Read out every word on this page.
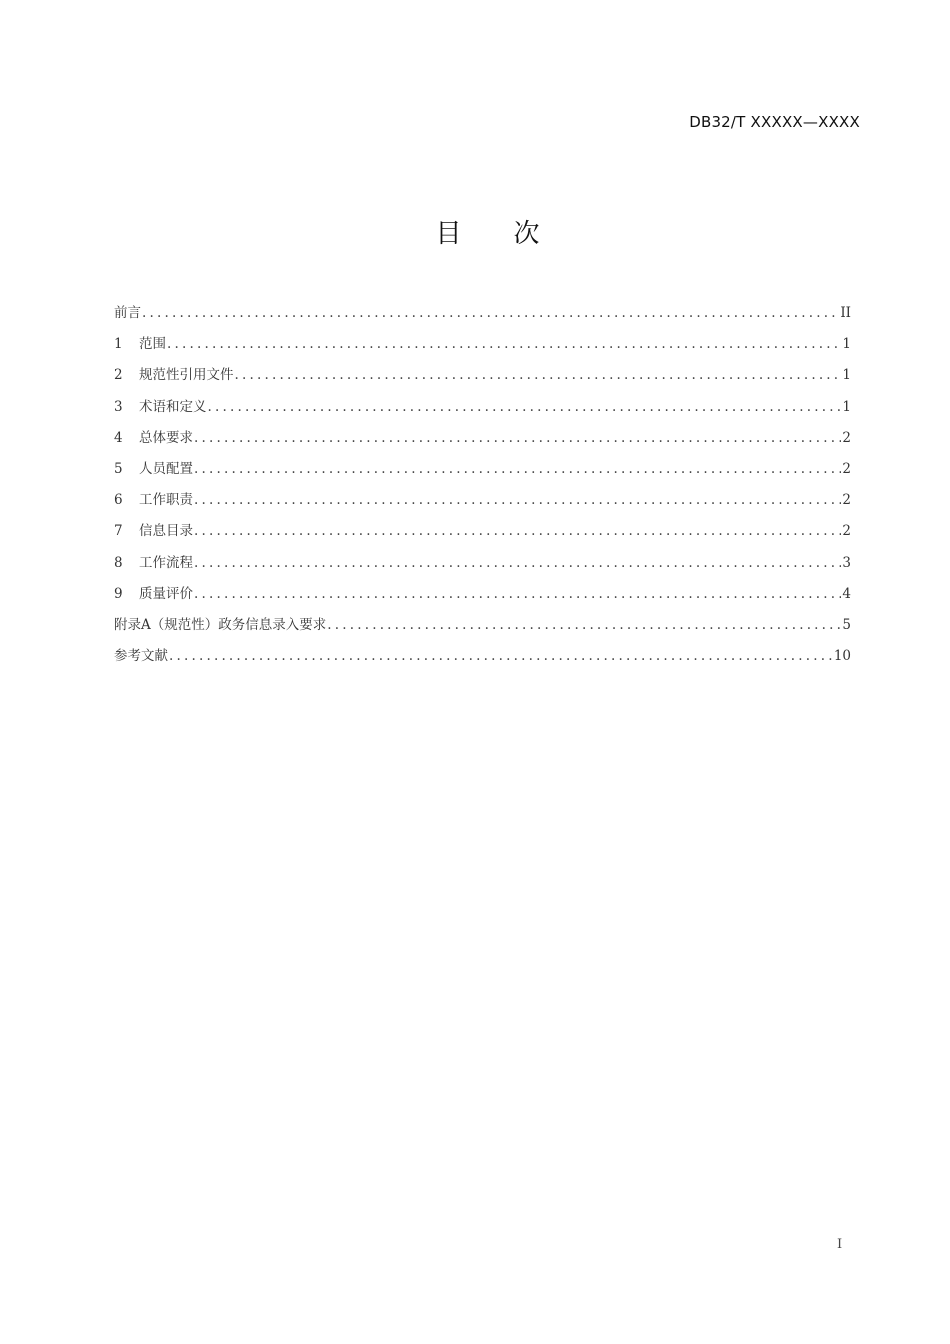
DB32/T XXXXX—XXXX
目 次
前言 .....	II
1	范围 .....	1
2	规范性引用文件 .....	1
3	术语和定义 .....	1
4	总体要求 .....	2
5	人员配置 .....	2
6	工作职责 .....	2
7	信息目录 .....	2
8	工作流程 .....	3
9	质量评价 .....	4
附录A（规范性）政务信息录入要求 .....	5
参考文献 .....	10
I
